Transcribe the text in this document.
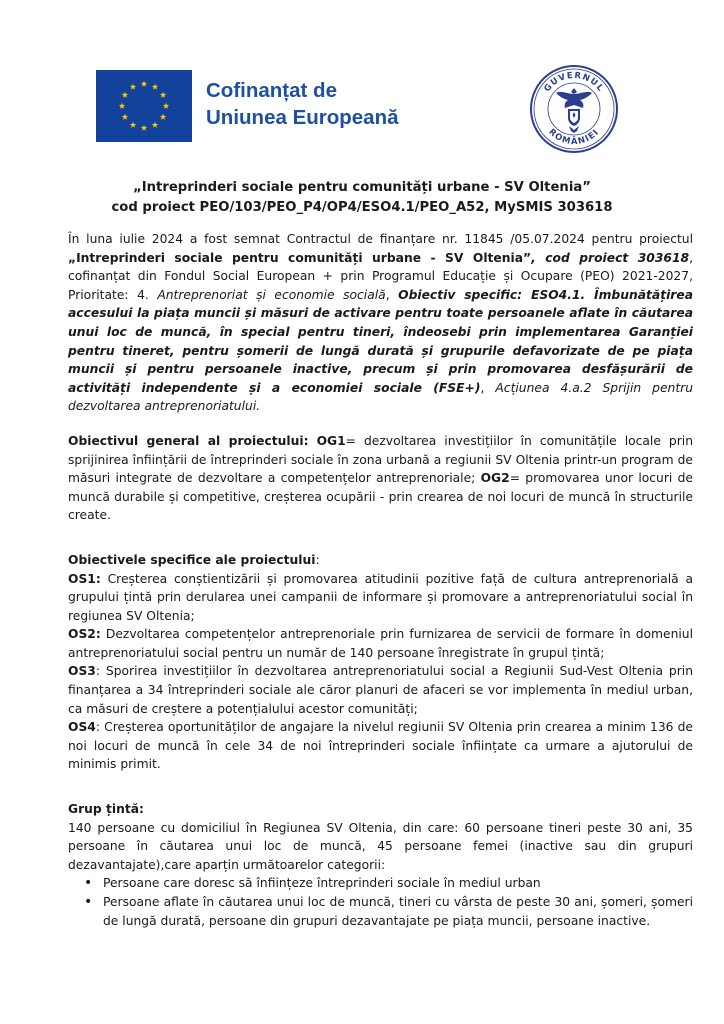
Cofinanțat de
Uniunea Europeană
GUVERNUL
ROMÂNIEI
„Intreprinderi sociale pentru comunități urbane - SV Oltenia”
cod proiect PEO/103/PEO_P4/OP4/ESO4.1/PEO_A52, MySMIS 303618

În luna iulie 2024 a fost semnat Contractul de finanțare nr. 11845 /05.07.2024 pentru proiectul „Intreprinderi sociale pentru comunități urbane - SV Oltenia”, cod proiect 303618, cofinanțat din Fondul Social European + prin Programul Educație și Ocupare (PEO) 2021-2027, Prioritate: 4. Antreprenoriat și economie socială, Obiectiv specific: ESO4.1. Îmbunătățirea accesului la piața muncii și măsuri de activare pentru toate persoanele aflate în căutarea unui loc de muncă, în special pentru tineri, îndeosebi prin implementarea Garanției pentru tineret, pentru șomerii de lungă durată și grupurile defavorizate de pe piața muncii și pentru persoanele inactive, precum și prin promovarea desfășurării de activități independente și a economiei sociale (FSE+), Acțiunea 4.a.2 Sprijin pentru dezvoltarea antreprenoriatului.

Obiectivul general al proiectului: OG1= dezvoltarea investițiilor în comunitățile locale prin sprijinirea înființării de întreprinderi sociale în zona urbană a regiunii SV Oltenia printr-un program de măsuri integrate de dezvoltare a competențelor antreprenoriale; OG2= promovarea unor locuri de muncă durabile și competitive, creșterea ocupării - prin crearea de noi locuri de muncă în structurile create.

Obiectivele specifice ale proiectului:

OS1: Creșterea conștientizării și promovarea atitudinii pozitive față de cultura antreprenorială a grupului țintă prin derularea unei campanii de informare și promovare a antreprenoriatului social în regiunea SV Oltenia;

OS2: Dezvoltarea competențelor antreprenoriale prin furnizarea de servicii de formare în domeniul antreprenoriatului social pentru un număr de 140 persoane înregistrate în grupul țintă;

OS3: Sporirea investițiilor în dezvoltarea antreprenoriatului social a Regiunii Sud-Vest Oltenia prin finanțarea a 34 întreprinderi sociale ale căror planuri de afaceri se vor implementa în mediul urban, ca măsuri de creștere a potențialului acestor comunități;

OS4: Creșterea oportunităților de angajare la nivelul regiunii SV Oltenia prin crearea a minim 136 de noi locuri de muncă în cele 34 de noi întreprinderi sociale înființate ca urmare a ajutorului de minimis primit.

Grup țintă:

140 persoane cu domiciliul în Regiunea SV Oltenia, din care: 60 persoane tineri peste 30 ani, 35 persoane în căutarea unui loc de muncă, 45 persoane femei (inactive sau din grupuri dezavantajate),care aparțin următoarelor categorii:

• Persoane care doresc să înființeze întreprinderi sociale în mediul urban
• Persoane aflate în căutarea unui loc de muncă, tineri cu vârsta de peste 30 ani, șomeri, șomeri de lungă durată, persoane din grupuri dezavantajate pe piața muncii, persoane inactive.
